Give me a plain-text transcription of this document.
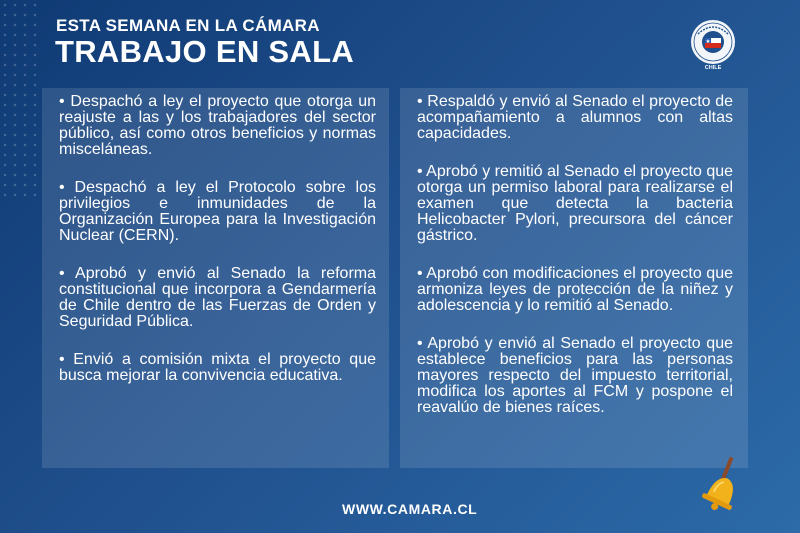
ESTA SEMANA EN LA CÁMARA
TRABAJO EN SALA	CHILE

• Despachó a ley el proyecto que otorga un reajuste a las y los trabajadores del sector público, así como otros beneficios y normas misceláneas.

• Despachó a ley el Protocolo sobre los privilegios e inmunidades de la Organización Europea para la Investigación Nuclear (CERN).

• Aprobó y envió al Senado la reforma constitucional que incorpora a Gendarmería de Chile dentro de las Fuerzas de Orden y Seguridad Pública.

• Envió a comisión mixta el proyecto que busca mejorar la convivencia educativa.

• Respaldó y envió al Senado el proyecto de acompañamiento a alumnos con altas capacidades.

• Aprobó y remitió al Senado el proyecto que otorga un permiso laboral para realizarse el examen que detecta la bacteria Helicobacter Pylori, precursora del cáncer gástrico.

• Aprobó con modificaciones el proyecto que armoniza leyes de protección de la niñez y adolescencia y lo remitió al Senado.

• Aprobó y envió al Senado el proyecto que establece beneficios para las personas mayores respecto del impuesto territorial, modifica los aportes al FCM y pospone el reavalúo de bienes raíces.

WWW.CAMARA.CL
